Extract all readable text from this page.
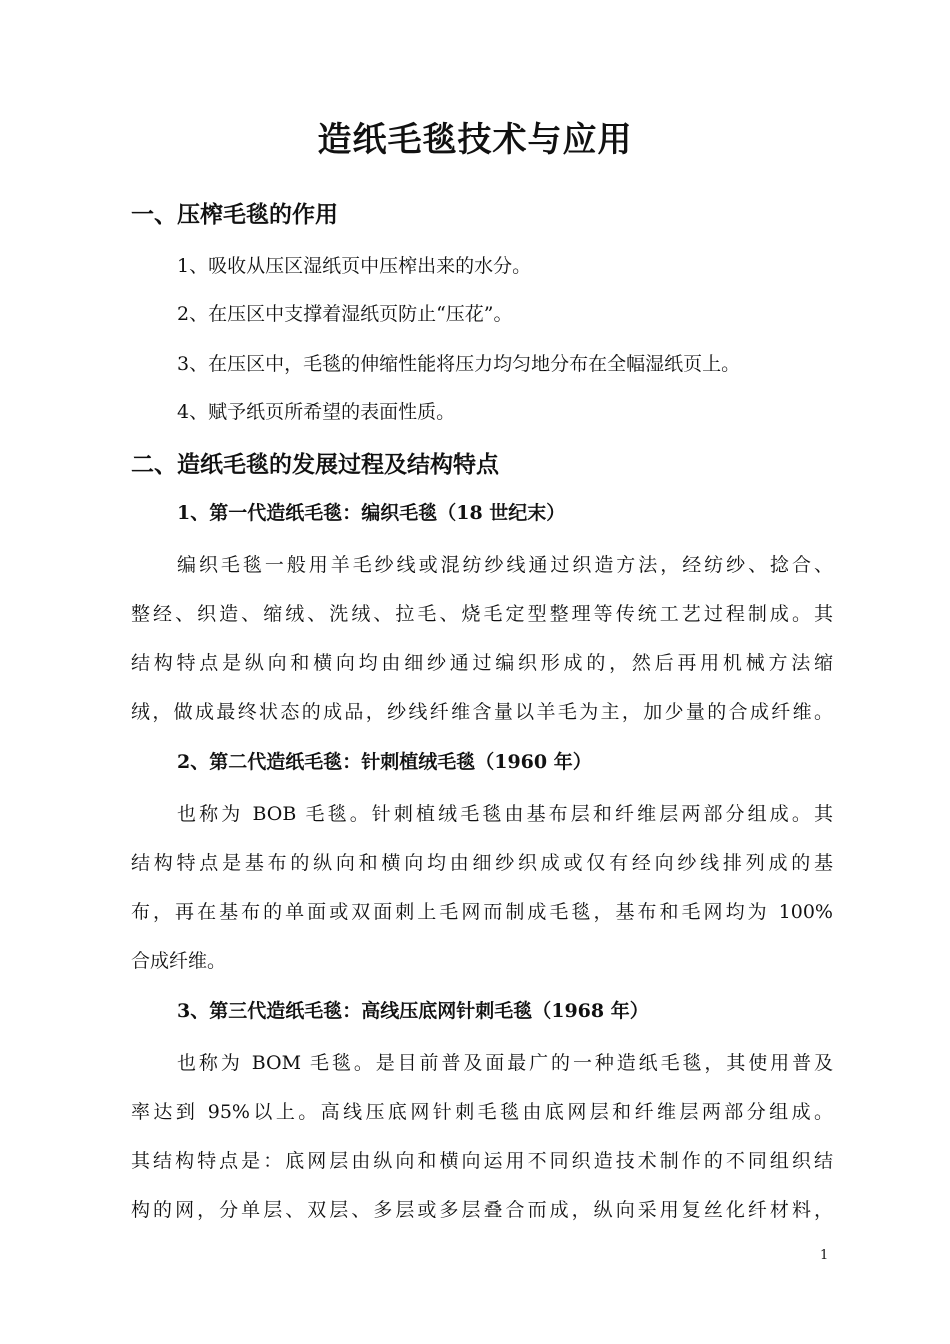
造纸毛毯技术与应用
一、压榨毛毯的作用
1、吸收从压区湿纸页中压榨出来的水分。
2、在压区中支撑着湿纸页防止“压花”。
3、在压区中，毛毯的伸缩性能将压力均匀地分布在全幅湿纸页上。
4、赋予纸页所希望的表面性质。
二、造纸毛毯的发展过程及结构特点
1、第一代造纸毛毯：编织毛毯（18 世纪末）
编织毛毯一般用羊毛纱线或混纺纱线通过织造方法，经纺纱、捻合、
整经、织造、缩绒、洗绒、拉毛、烧毛定型整理等传统工艺过程制成。其
结构特点是纵向和横向均由细纱通过编织形成的，然后再用机械方法缩
绒，做成最终状态的成品，纱线纤维含量以羊毛为主，加少量的合成纤维。
2、第二代造纸毛毯：针刺植绒毛毯（1960 年）
也称为 BOB 毛毯。针刺植绒毛毯由基布层和纤维层两部分组成。其
结构特点是基布的纵向和横向均由细纱织成或仅有经向纱线排列成的基
布，再在基布的单面或双面刺上毛网而制成毛毯，基布和毛网均为 100%
合成纤维。
3、第三代造纸毛毯：高线压底网针刺毛毯（1968 年）
也称为 BOM 毛毯。是目前普及面最广的一种造纸毛毯，其使用普及
率达到 95%以上。高线压底网针刺毛毯由底网层和纤维层两部分组成。
其结构特点是：底网层由纵向和横向运用不同织造技术制作的不同组织结
构的网，分单层、双层、多层或多层叠合而成，纵向采用复丝化纤材料，
1
